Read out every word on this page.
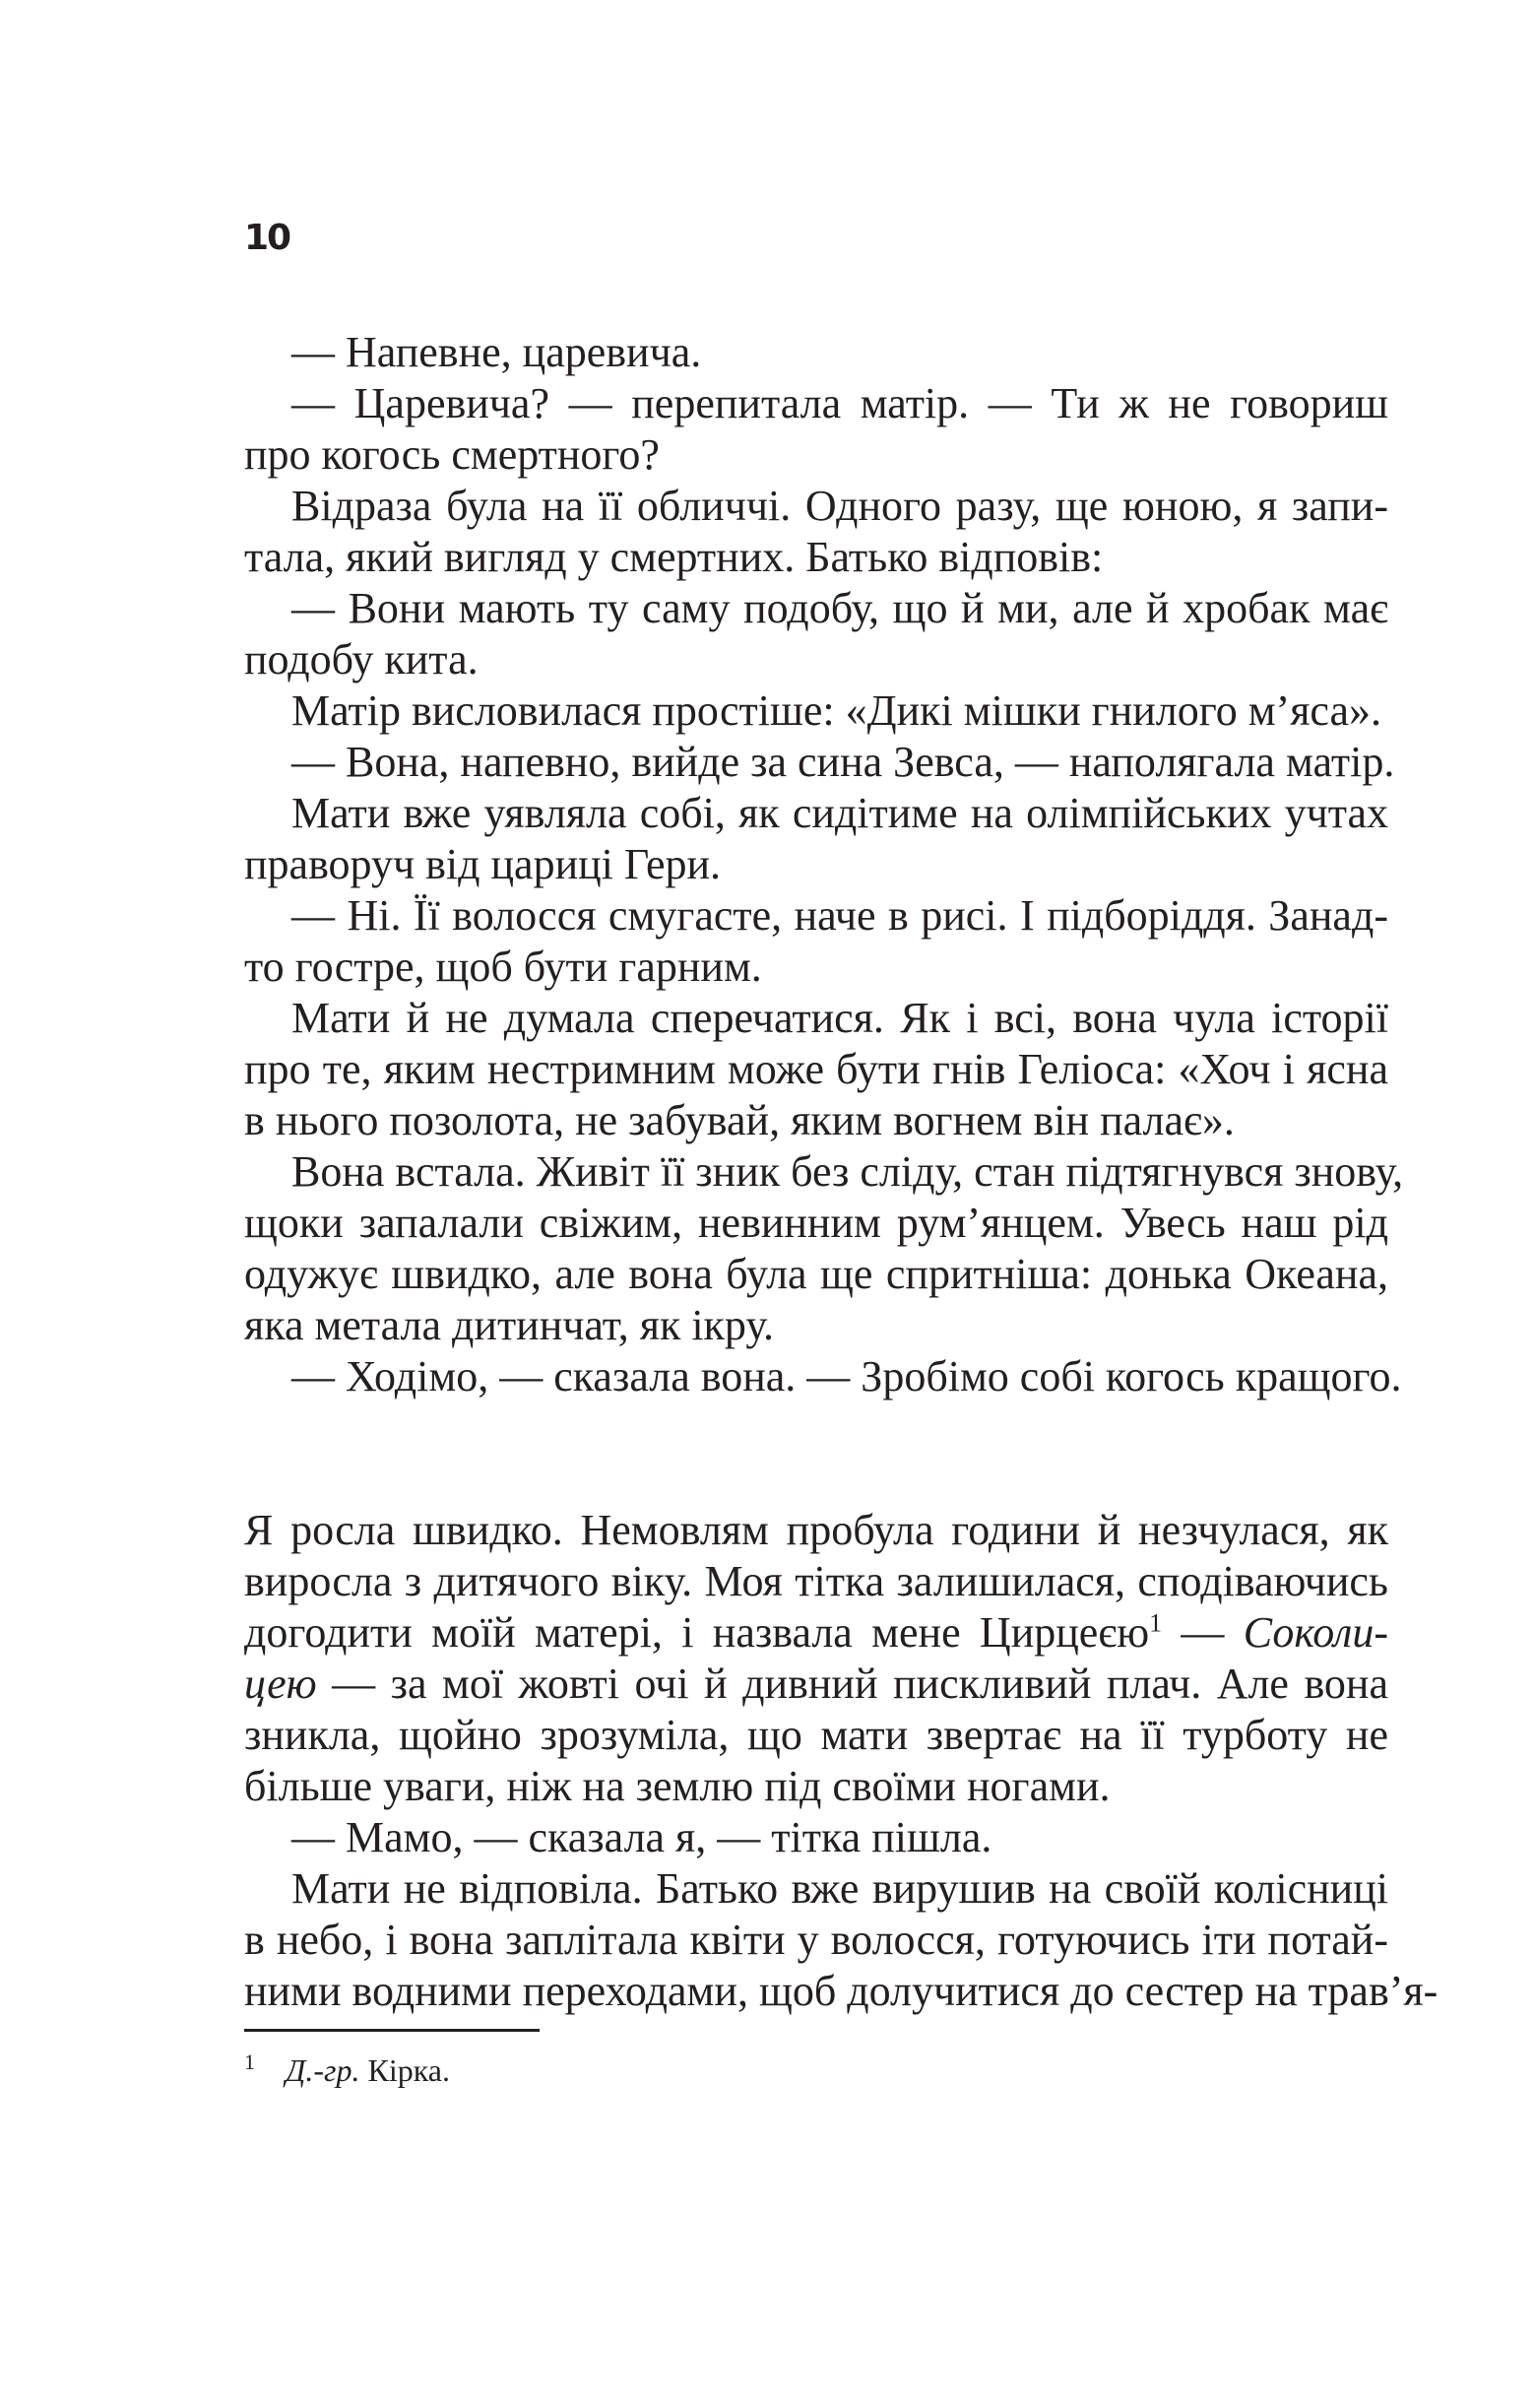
10
— Напевне, царевича.
— Царевича? — перепитала матір. — Ти ж не говориш
про когось смертного?
Відраза була на її обличчі. Одного разу, ще юною, я запи-
тала, який вигляд у смертних. Батько відповів:
— Вони мають ту саму подобу, що й ми, але й хробак має
подобу кита.
Матір висловилася простіше: «Дикі мішки гнилого м’яса».
— Вона, напевно, вийде за сина Зевса, — наполягала матір.
Мати вже уявляла собі, як сидітиме на олімпійських учтах
праворуч від цариці Гери.
— Ні. Її волосся смугасте, наче в рисі. І підборіддя. Занад-
то гостре, щоб бути гарним.
Мати й не думала сперечатися. Як і всі, вона чула історії
про те, яким нестримним може бути гнів Геліоса: «Хоч і ясна
в нього позолота, не забувай, яким вогнем він палає».
Вона встала. Живіт її зник без сліду, стан підтягнувся знову,
щоки запалали свіжим, невинним рум’янцем. Увесь наш рід
одужує швидко, але вона була ще спритніша: донька Океана,
яка метала дитинчат, як ікру.
— Ходімо, — сказала вона. — Зробімо собі когось кращого.
Я росла швидко. Немовлям пробула години й незчулася, як
виросла з дитячого віку. Моя тітка залишилася, сподіваючись
догодити моїй матері, і назвала мене Цирцеєю$^1$ — Соколи-
цею — за мої жовті очі й дивний пискливий плач. Але вона
зникла, щойно зрозуміла, що мати звертає на її турботу не
більше уваги, ніж на землю під своїми ногами.
— Мамо, — сказала я, — тітка пішла.
Мати не відповіла. Батько вже вирушив на своїй колісниці
в небо, і вона заплітала квіти у волосся, готуючись іти потай-
ними водними переходами, щоб долучитися до сестер на трав’я-
1 Д.-гр. Кірка.
